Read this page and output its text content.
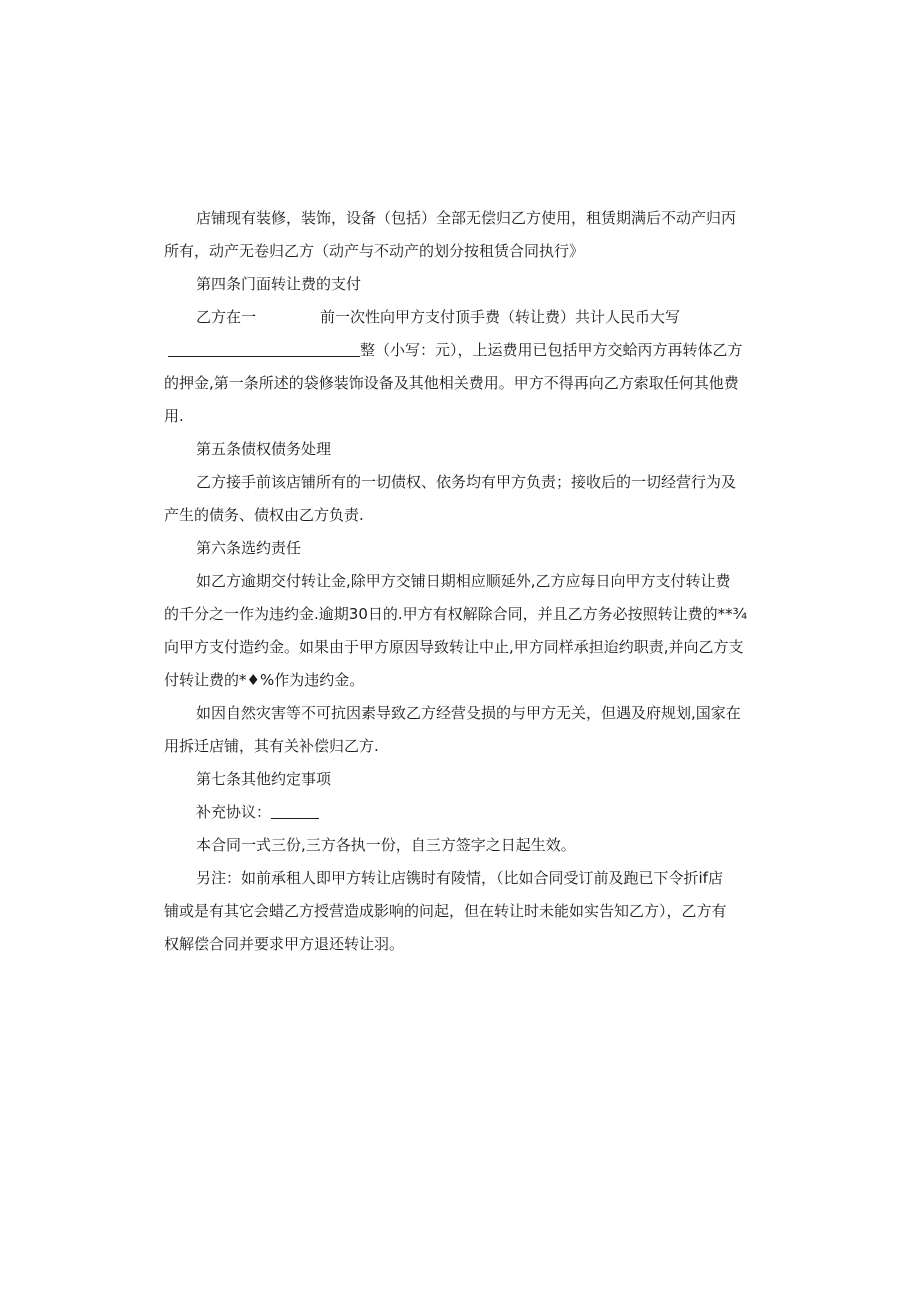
店铺现有装修，装饰，设备（包括）全部无偿归乙方使用，租赁期满后不动产归丙
所有，动产无卷归乙方（动产与不动产的划分按租赁合同执行》
第四条门面转让费的支付
乙方在一	前一次性向甲方支付顶手费（转让费）共计人民币大写
整（小写：元），上运费用已包括甲方交蛤丙方再转体乙方
的押金,第一条所述的袋修装饰设备及其他相关费用。甲方不得再向乙方索取任何其他费
用.
第五条债权债务处理
乙方接手前该店铺所有的一切债权、依务均有甲方负责；接收后的一切经营行为及
产生的债务、债权由乙方负责.
第六条选约责任
如乙方逾期交付转让金,除甲方交铺日期相应顺延外,乙方应每日向甲方支付转让费
的千分之一作为违约金.逾期30日的.甲方有权解除合同，并且乙方务必按照转让费的**¾
向甲方支付造约金。如果由于甲方原因导致转让中止,甲方同样承担迨约职责,并向乙方支
付转让费的*♦%作为违约金。
如因自然灾害等不可抗因素导致乙方经营殳损的与甲方无关，但遇及府规划,国家在
用拆迁店铺，其有关补偿归乙方.
第七条其他约定事项
补充协议：
本合同一式三份,三方各执一份，自三方签字之日起生效。
另注：如前承租人即甲方转让店镌时有陵情，（比如合同受订前及跑已下令折if店
铺或是有其它会蜡乙方授营造成影响的问起，但在转让时未能如实告知乙方），乙方有
权解偿合同并要求甲方退还转让羽。
